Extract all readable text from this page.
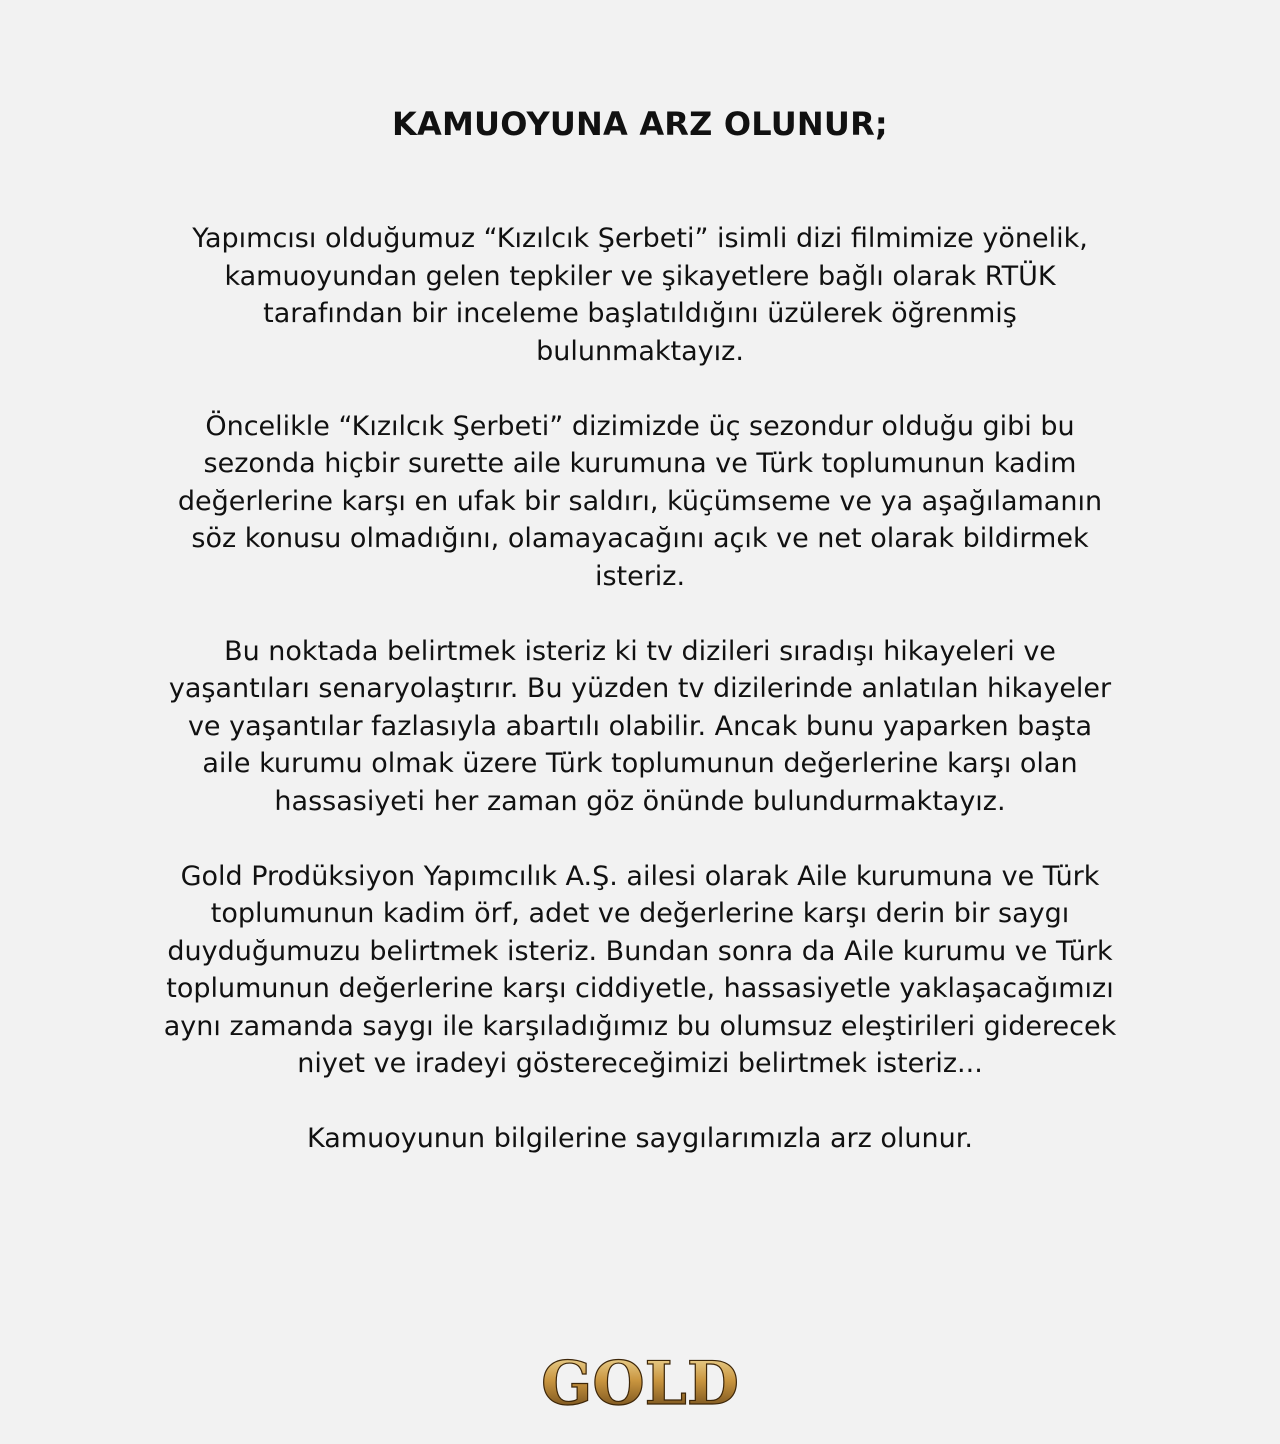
KAMUOYUNA ARZ OLUNUR;

Yapımcısı olduğumuz “Kızılcık Şerbeti” isimli dizi filmimize yönelik,
kamuoyundan gelen tepkiler ve şikayetlere bağlı olarak RTÜK
tarafından bir inceleme başlatıldığını üzülerek öğrenmiş
bulunmaktayız.

Öncelikle “Kızılcık Şerbeti” dizimizde üç sezondur olduğu gibi bu
sezonda hiçbir surette aile kurumuna ve Türk toplumunun kadim
değerlerine karşı en ufak bir saldırı, küçümseme ve ya aşağılamanın
söz konusu olmadığını, olamayacağını açık ve net olarak bildirmek
isteriz.

Bu noktada belirtmek isteriz ki tv dizileri sıradışı hikayeleri ve
yaşantıları senaryolaştırır. Bu yüzden tv dizilerinde anlatılan hikayeler
ve yaşantılar fazlasıyla abartılı olabilir. Ancak bunu yaparken başta
aile kurumu olmak üzere Türk toplumunun değerlerine karşı olan
hassasiyeti her zaman göz önünde bulundurmaktayız.

Gold Prodüksiyon Yapımcılık A.Ş. ailesi olarak Aile kurumuna ve Türk
toplumunun kadim örf, adet ve değerlerine karşı derin bir saygı
duyduğumuzu belirtmek isteriz. Bundan sonra da Aile kurumu ve Türk
toplumunun değerlerine karşı ciddiyetle, hassasiyetle yaklaşacağımızı
aynı zamanda saygı ile karşıladığımız bu olumsuz eleştirileri giderecek
niyet ve iradeyi göstereceğimizi belirtmek isteriz...

Kamuoyunun bilgilerine saygılarımızla arz olunur.

GOLD
